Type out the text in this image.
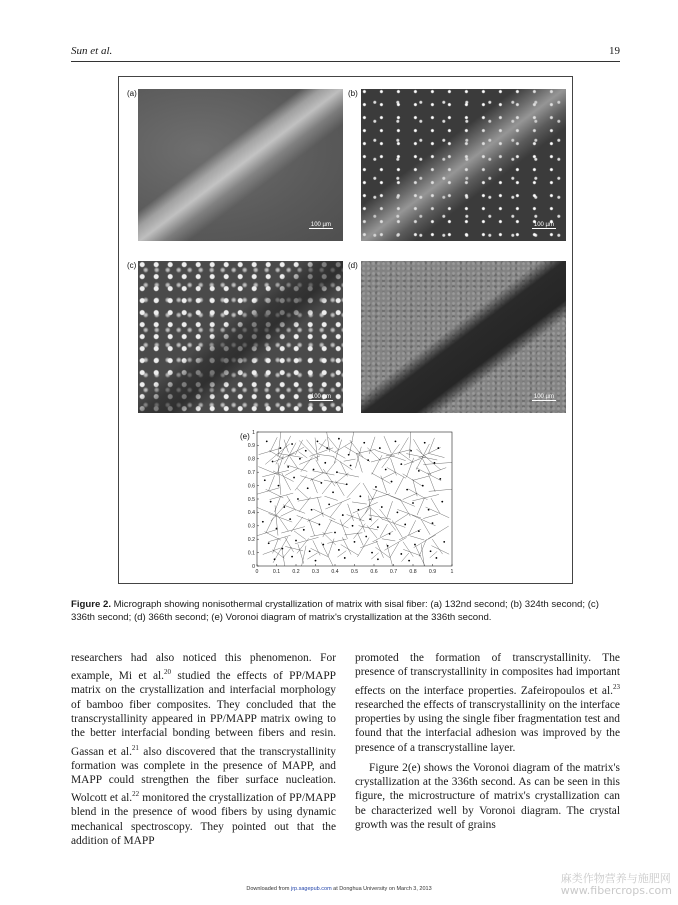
Sun et al.	19
(a)
100 µm
(b)
100 µm
(c)
100 µm
(d)
100 µm
(e)
0	0.1 0.2 0.3 0.4 0.5 0.6 0.7 0.8 0.9	1
0
0.1
0.2
0.3
0.4
0.5
0.6
0.7
0.8
0.9
1
Figure 2. Micrograph showing nonisothermal crystallization of matrix with sisal fiber: (a) 132nd second; (b) 324th second; (c) 336th second; (d) 366th second; (e) Voronoi diagram of matrix's crystallization at the 336th second.

researchers had also noticed this phenomenon. For example, Mi et al.$^{20}$ studied the effects of PP/MAPP matrix on the crystallization and interfacial morphology of bamboo fiber composites. They concluded that the transcrystallinity appeared in PP/MAPP matrix owing to the better interfacial bonding between fibers and resin. Gassan et al.$^{21}$ also discovered that the transcrystallinity formation was complete in the presence of MAPP, and MAPP could strengthen the fiber surface nucleation. Wolcott et al.$^{22}$ monitored the crystallization of PP/MAPP blend in the presence of wood fibers by using dynamic mechanical spectroscopy. They pointed out that the addition of MAPP

promoted the formation of transcrystallinity. The presence of transcrystallinity in composites had important effects on the interface properties. Zafeiropoulos et al.$^{23}$ researched the effects of transcrystallinity on the interface properties by using the single fiber fragmentation test and found that the interfacial adhesion was improved by the presence of a transcrystalline layer.

Figure 2(e) shows the Voronoi diagram of the matrix's crystallization at the 336th second. As can be seen in this figure, the microstructure of matrix's crystallization can be characterized well by Voronoi diagram. The crystal growth was the result of grains

Downloaded from jrp.sagepub.com at Donghua University on March 3, 2013
麻类作物营养与施肥网
www.fibercrops.com
